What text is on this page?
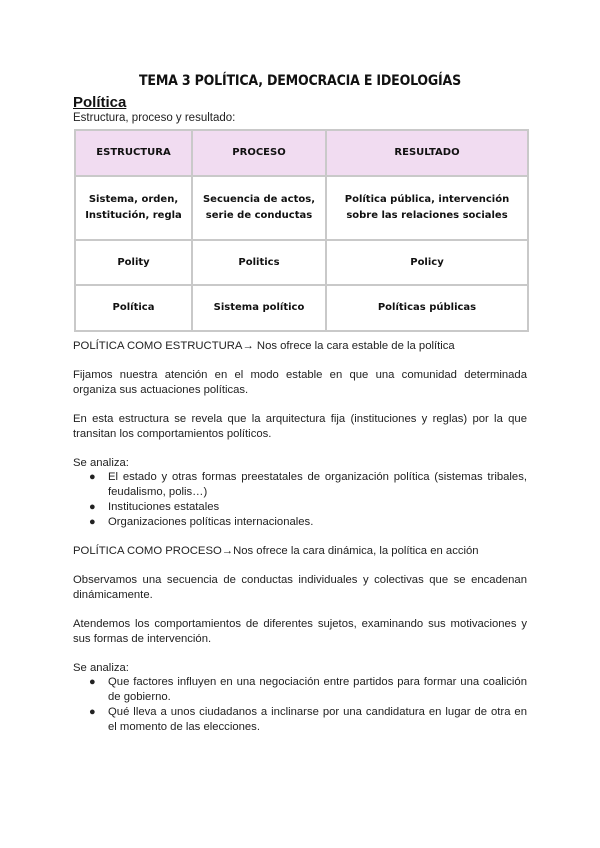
TEMA 3 POLÍTICA, DEMOCRACIA E IDEOLOGÍAS
Política
Estructura, proceso y resultado:
ESTRUCTURA	PROCESO	RESULTADO
Sistema, orden, Institución, regla	Secuencia de actos, serie de conductas	Política pública, intervención sobre las relaciones sociales
Polity	Politics	Policy
Política	Sistema político	Políticas públicas
POLÍTICA COMO ESTRUCTURA→ Nos ofrece la cara estable de la política
Fijamos nuestra atención en el modo estable en que una comunidad determinada organiza sus actuaciones políticas.
En esta estructura se revela que la arquitectura fija (instituciones y reglas) por la que transitan los comportamientos políticos.
Se analiza:
● El estado y otras formas preestatales de organización política (sistemas tribales, feudalismo, polis…)
● Instituciones estatales
● Organizaciones políticas internacionales.
POLÍTICA COMO PROCESO→Nos ofrece la cara dinámica, la política en acción
Observamos una secuencia de conductas individuales y colectivas que se encadenan dinámicamente.
Atendemos los comportamientos de diferentes sujetos, examinando sus motivaciones y sus formas de intervención.
Se analiza:
● Que factores influyen en una negociación entre partidos para formar una coalición de gobierno.
● Qué lleva a unos ciudadanos a inclinarse por una candidatura en lugar de otra en el momento de las elecciones.
